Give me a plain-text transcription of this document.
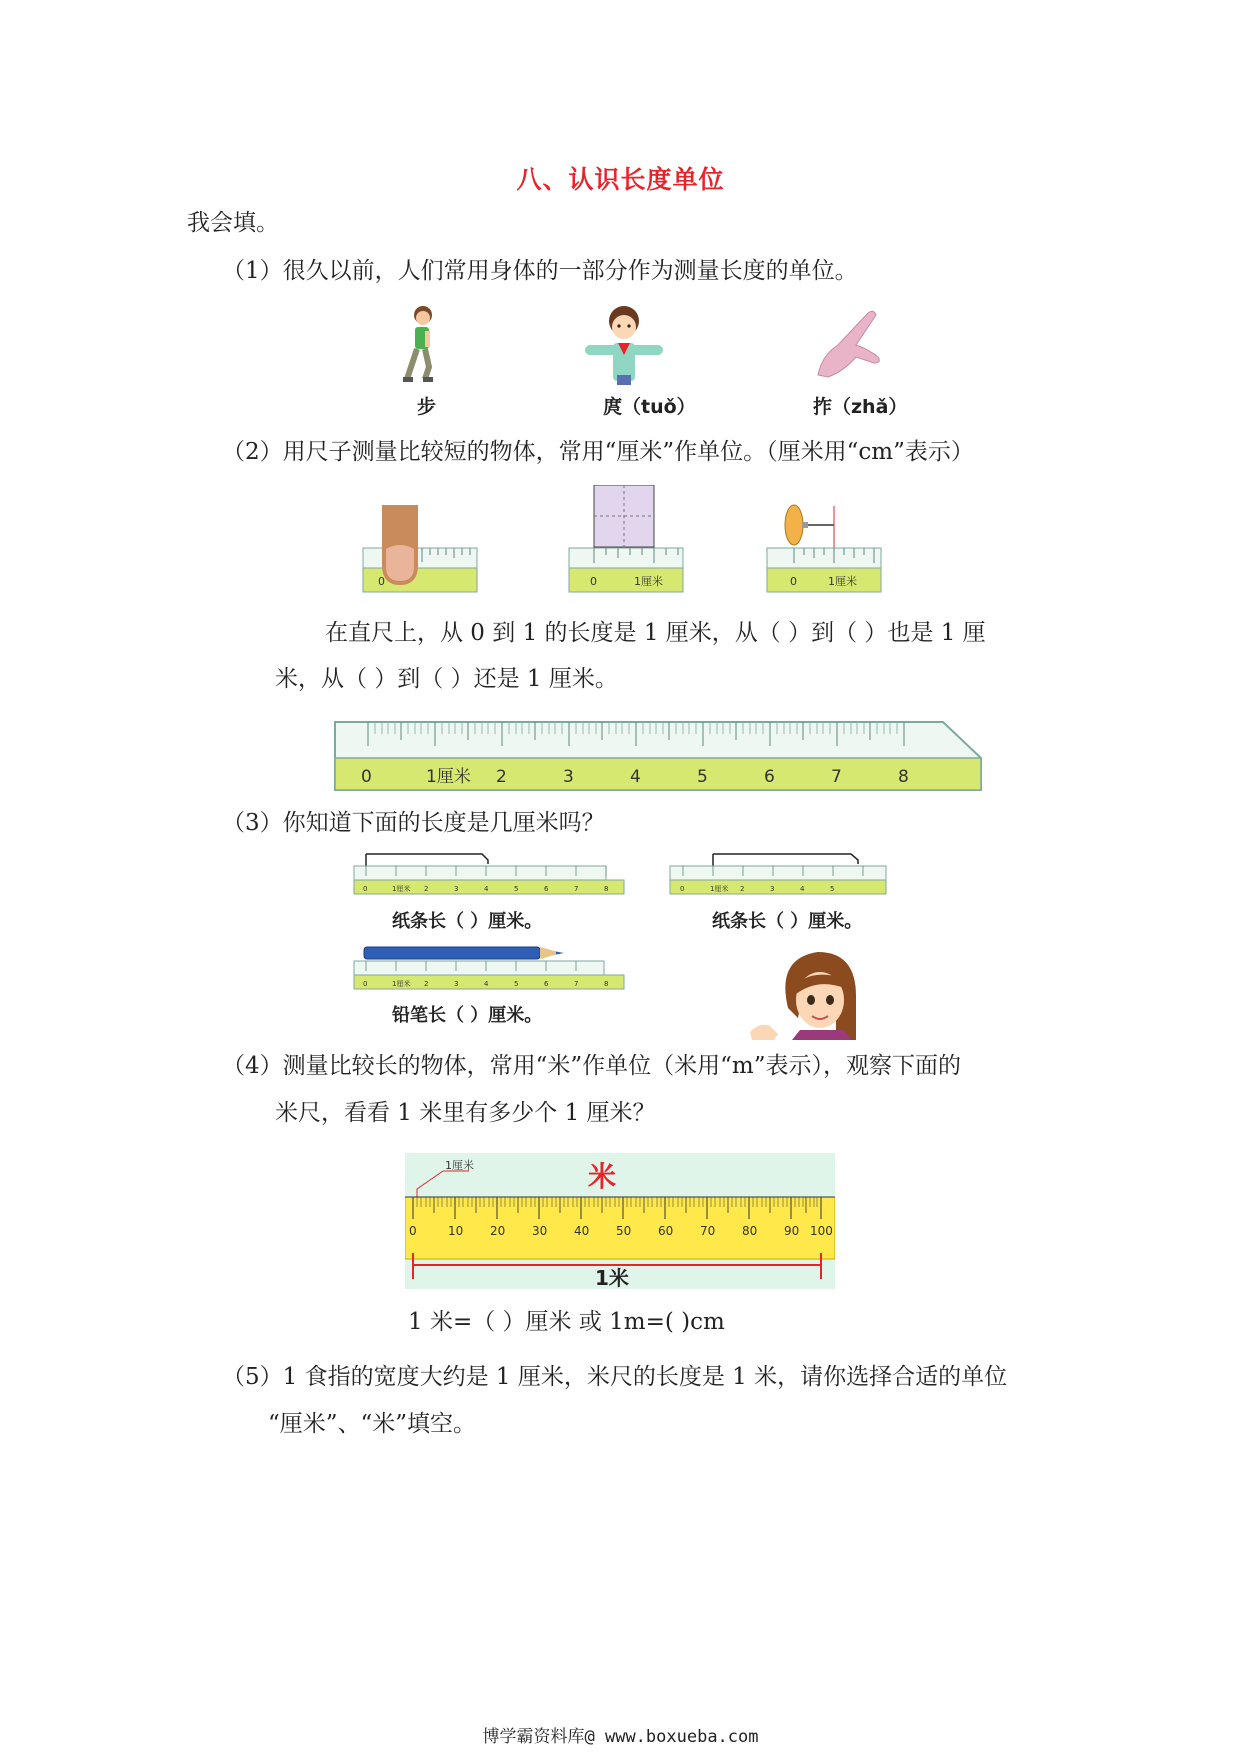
八、认识长度单位
我会填。
（1）很久以前，人们常用身体的一部分作为测量长度的单位。
步	庹（tuǒ）	拃（zhǎ）
（2）用尺子测量比较短的物体，常用“厘米”作单位。（厘米用“cm”表示）
0	0	1厘米	0	1厘米
在直尺上，从 0 到 1 的长度是 1 厘米，从（ ）到（ ）也是 1 厘
米，从（ ）到（ ）还是 1 厘米。
0	1厘米 2	3	4	5	6	7	8
（3）你知道下面的长度是几厘米吗？
0	1厘米 2	3	4	5	6	7	8
纸条长（ ）厘米。
0	1厘米 2	3	4	5
纸条长（ ）厘米。
0	1厘米 2	3	4	5	6	7	8
铅笔长（ ）厘米。
（4）测量比较长的物体，常用“米”作单位（米用“m”表示），观察下面的
米尺，看看 1 米里有多少个 1 厘米？
米
1厘米
0	10 20 30 40 50 60 70 80 90 100
1米
1 米=（ ）厘米 或 1m=( )cm
（5）1 食指的宽度大约是 1 厘米，米尺的长度是 1 米，请你选择合适的单位
“厘米”、“米”填空。
博学霸资料库@ www.boxueba.com
